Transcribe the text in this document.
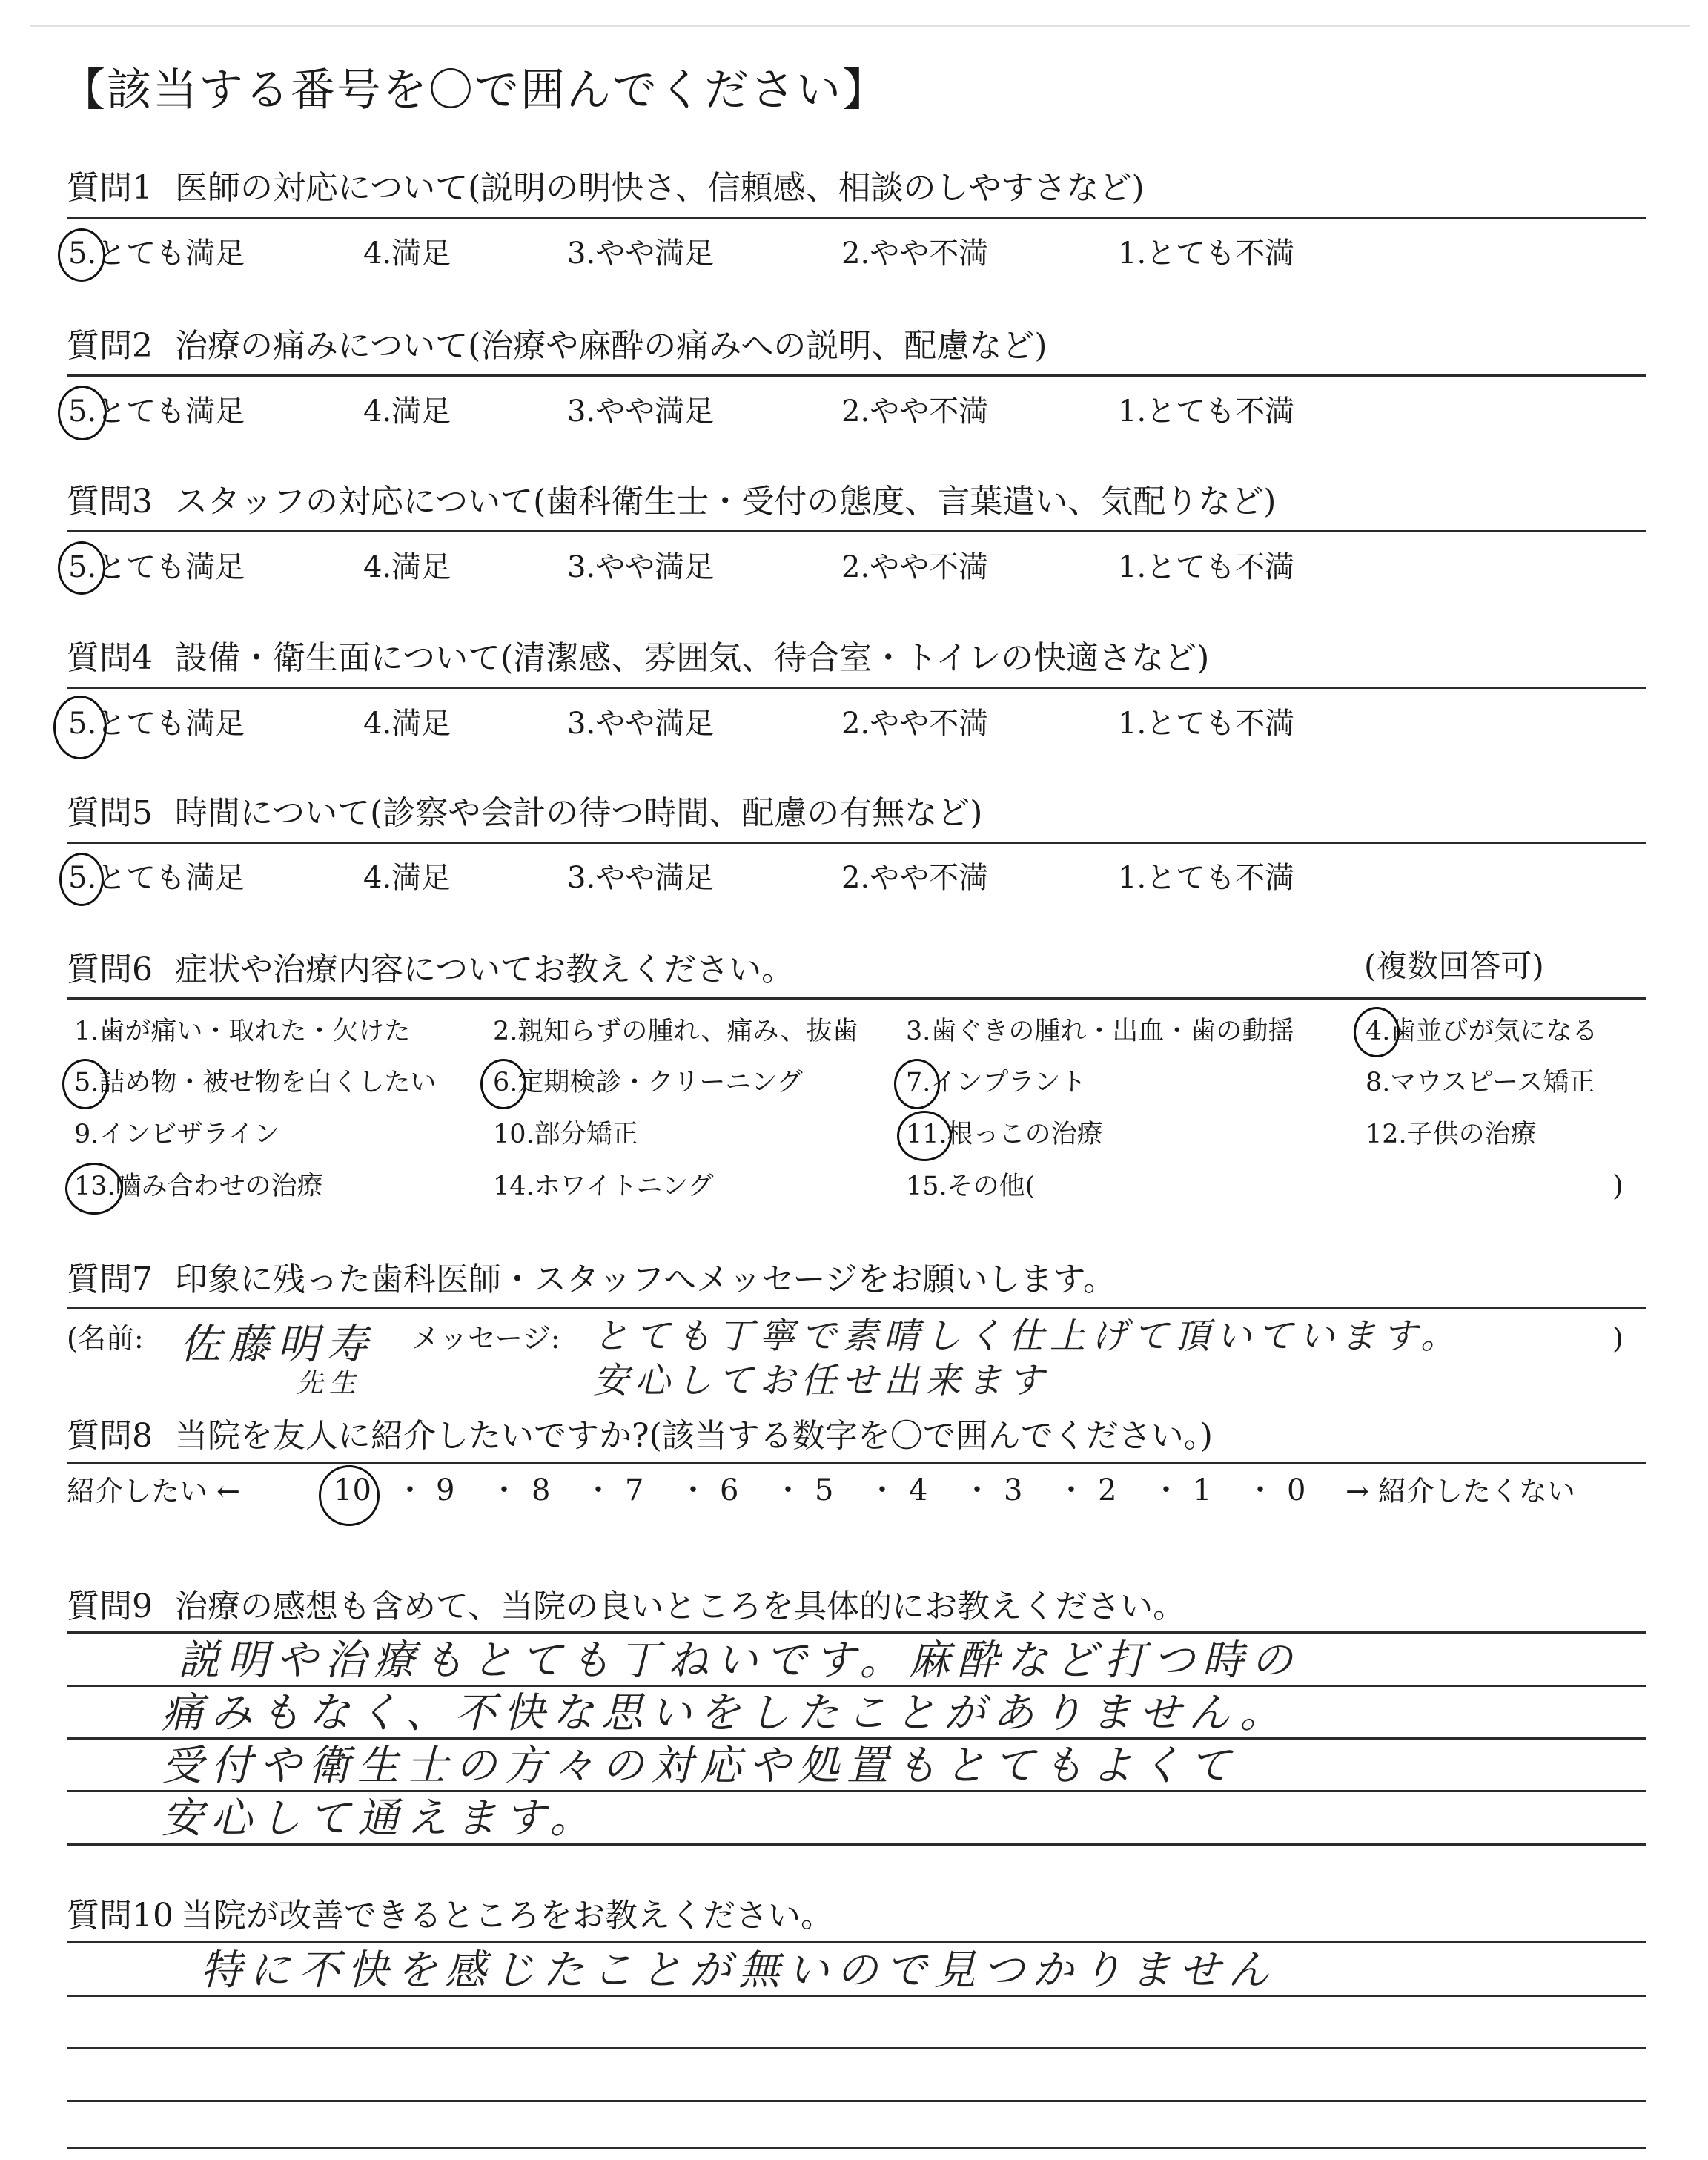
【該当する番号を〇で囲んでください】
質問1 医師の対応について(説明の明快さ、信頼感、相談のしやすさなど)
5.とても満足	4.満足	3.やや満足	2.やや不満	1.とても不満
質問2 治療の痛みについて(治療や麻酔の痛みへの説明、配慮など)
5.とても満足	4.満足	3.やや満足	2.やや不満	1.とても不満
質問3 スタッフの対応について(歯科衛生士・受付の態度、言葉遣い、気配りなど)
5.とても満足	4.満足	3.やや満足	2.やや不満	1.とても不満
質問4 設備・衛生面について(清潔感、雰囲気、待合室・トイレの快適さなど)
5.とても満足	4.満足	3.やや満足	2.やや不満	1.とても不満
質問5 時間について(診察や会計の待つ時間、配慮の有無など)
5.とても満足	4.満足	3.やや満足	2.やや不満	1.とても不満
質問6 症状や治療内容についてお教えください。	(複数回答可)
1.歯が痛い・取れた・欠けた	2.親知らずの腫れ、痛み、抜歯 3.歯ぐきの腫れ・出血・歯の動揺	4.歯並びが気になる
5.詰め物・被せ物を白くしたい 6.定期検診・クリーニング	7.インプラント	8.マウスピース矯正
9.インビザライン	10.部分矯正	11.根っこの治療	12.子供の治療
13.嚙み合わせの治療	14.ホワイトニング	15.その他(	)
質問7 印象に残った歯科医師・スタッフへメッセージをお願いします。
(名前:	メッセージ:	)
佐藤明寿
先生
とても丁寧で素晴しく仕上げて頂いています。
安心してお任せ出来ます
質問8 当院を友人に紹介したいですか?(該当する数字を〇で囲んでください。)
紹介したい ←	10 ・ 9 ・ 8 ・ 7 ・ 6 ・ 5 ・ 4 ・ 3 ・ 2 ・ 1 ・ 0 → 紹介したくない
質問9 治療の感想も含めて、当院の良いところを具体的にお教えください。
説明や治療もとても丁ねいです。麻酔など打つ時の
痛みもなく、不快な思いをしたことがありません。
受付や衛生士の方々の対応や処置もとてもよくて
安心して通えます。
質問10 当院が改善できるところをお教えください。
特に不快を感じたことが無いので見つかりません
